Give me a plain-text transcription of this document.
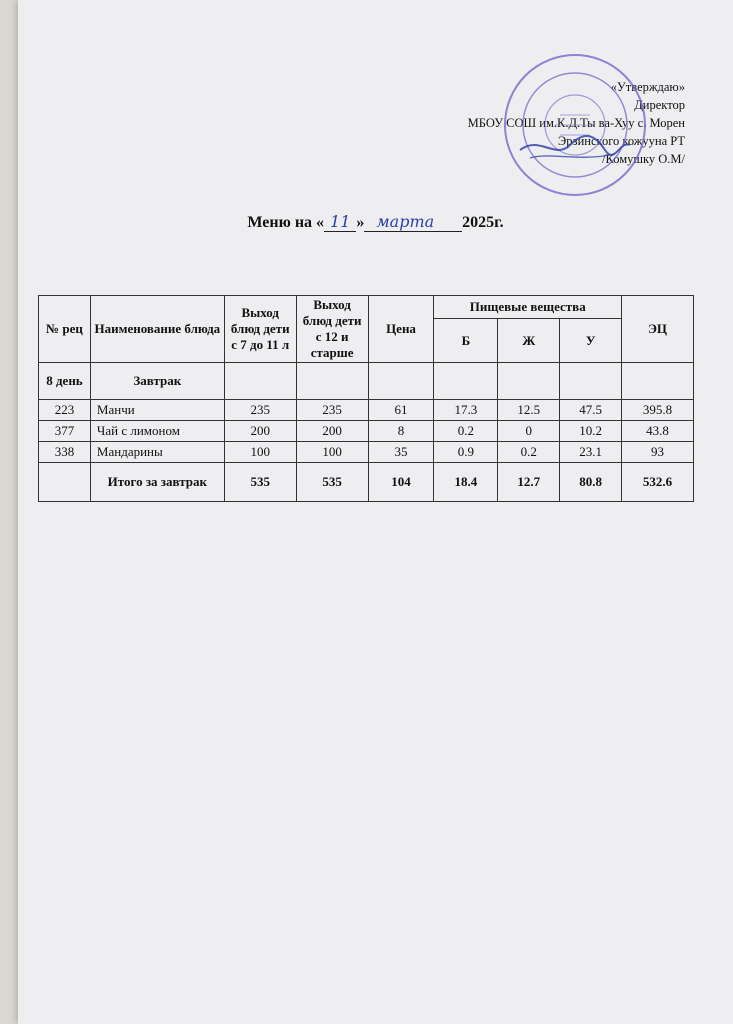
«Утверждаю»
Директор
МБОУ СОШ им.К.Д.Ты ва-Хуу с. Морен
Эрзинского кожууна РТ
/Комушку О.М/
Меню на « 11 » марта 2025г.
№ рец	Наименование блюда	Выход блюд дети с 7 до 11 л	Выход блюд дети с 12 и старше	Цена	Пищевые вещества			ЭЦ
					Б	Ж	У	
8 день	Завтрак							
223	Манчи	235	235	61	17.3	12.5	47.5	395.8
377	Чай с лимоном	200	200	8	0.2	0	10.2	43.8
338	Мандарины	100	100	35	0.9	0.2	23.1	93
	Итого за завтрак	535	535	104	18.4	12.7	80.8	532.6
